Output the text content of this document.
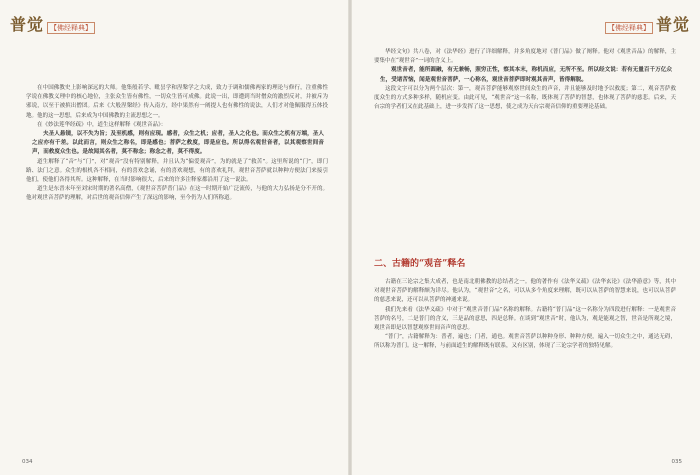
普觉 【佛经释典】

在中国佛教史上影响深远的大师。他集般若学、毗昙学和涅槃学之大成，致力于调和儒佛两家的理论与修行，注重佛性学说在佛教义理中的核心地位，主张众生皆有佛性，一切众生皆可成佛。此说一出，即遭到当时僧众的激烈反对，并被斥为邪说，以至于被摈出僧团。后来《大般涅槃经》传入南方，经中果然有一阐提人也有佛性的说法，人们才对他佩服得五体投地。他的这一思想，后来成为中国佛教的主流思想之一。

在《妙法莲华经疏》中，道生这样解释《观世音品》：

夫圣人悬镜，以不失为旨；及至机感，则有应现。感者，众生之机；应者，圣人之化也。而众生之机有万端，圣人之应亦有千差。以此而言，则众生之称名，即是感也；菩萨之救度，即是应也。所以得名观世音者，以其观察世间音声，而救度众生也。是故闻其名者，莫不称念；称念之者，莫不得度。

道生解释了“音”与“门”，对“观音”没有特别解释，并且认为“偏爱观音”，为的就是了“救苦”。这里所说的“门”，即门路、法门之意。众生的根机各不相同，有的喜欢念诵，有的喜欢观想，有的喜欢礼拜，观世音菩萨就以种种方便法门来接引他们，使他们各得其所。这种解释，在当时影响很大，后来的许多注释家都沿用了这一说法。

道生是东晋末年至刘宋时期的著名高僧，《观世音菩萨普门品》在这一时期开始广泛流传，与他的大力弘扬是分不开的。他对观世音菩萨的理解，对后世的观音信仰产生了深远的影响，至今仍为人们所称道。

034
【佛经释典】 普觉

华经文句》共八卷，对《法华经》进行了详细解释，并多角度地对《普门品》做了阐释。他对《观世音品》的解释，主要集中在“观世音”一词的含义上。

观世音者，能所圆融，有无兼畅，照穷正性，察其本末，称机而应，无所不至。所以经文说：若有无量百千万亿众生，受诸苦恼，闻是观世音菩萨，一心称名，观世音菩萨即时观其音声，皆得解脱。

这段文字可以分为两个层次：第一，观音菩萨能够观察世间众生的声音，并且能够及时地予以救度；第二，观音菩萨救度众生的方式多种多样，随机应变。由此可见，“观世音”这一名称，既体现了菩萨的智慧，也体现了菩萨的慈悲。后来，天台宗的学者们又在此基础上，进一步发挥了这一思想，使之成为天台宗观音信仰的重要理论基础。

二、古籍的“观音”释名

古籍在三论宗之集大成者，也是南北朝佛教的总结者之一。他的著作有《法华义疏》《法华玄论》《法华游意》等，其中对观世音菩萨的解释颇为详尽。他认为，“观世音”之名，可以从多个角度来理解，既可以从菩萨的智慧来说，也可以从菩萨的慈悲来说，还可以从菩萨的神通来说。

我们先来看《法华义疏》中对于“观世音普门品”名称的解释。古籍将“普门品”这一名称分为四段进行解释：一是观世音菩萨的名号，二是普门的含义，三是品的意思，四是总释。在谈到“观世音”时，他认为，观是能观之智，世音是所观之境，观世音即是以智慧观察世间音声的意思。

“普门”，古籍解释为：普者，遍也；门者，通也。观世音菩萨以种种身形、种种方便，遍入一切众生之中，通达无碍，所以称为普门。这一解释，与前面道生的解释既有联系，又有区别，体现了三论宗学者的独特见解。

035
